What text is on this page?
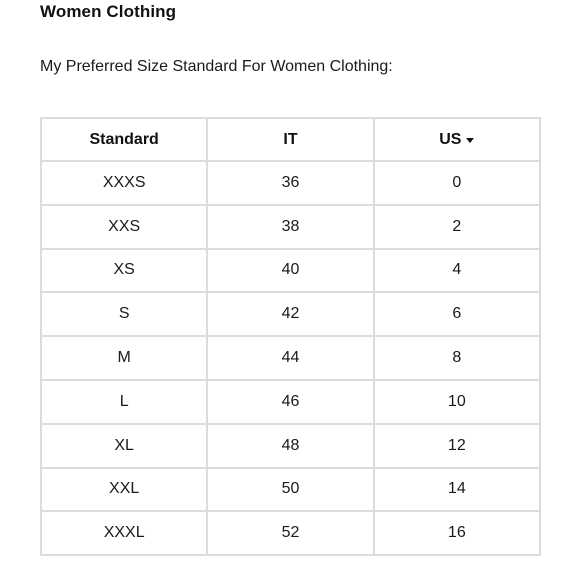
Women Clothing
My Preferred Size Standard For Women Clothing:
Standard	IT	US

XXXS	36	0
XXS	38	2
XS	40	4
S	42	6
M	44	8
L	46	10
XL	48	12
XXL	50	14
XXXL	52	16
